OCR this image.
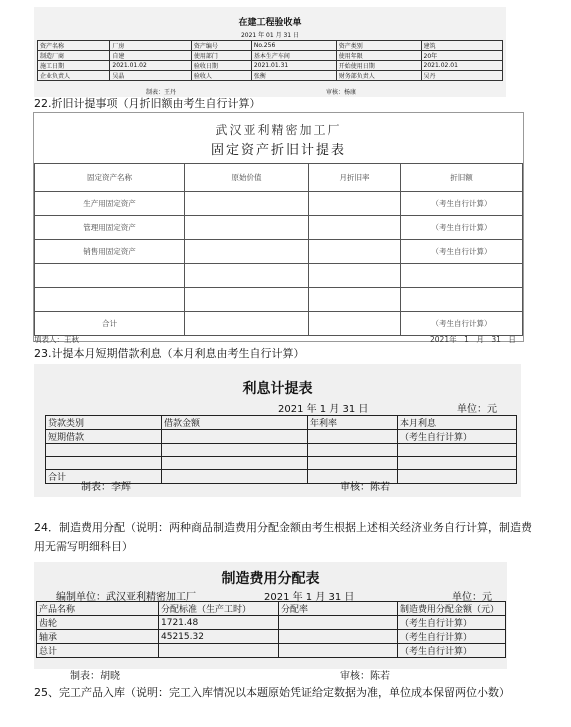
在建工程验收单
2021 年 01 月 31 日
资产名称	厂房	资产编号	No.256	资产类别	建筑
制造厂商	自建	使用部门	基本生产车间	使用年限	20年
施工日期	2021.01.02	验收日期	2021.01.31	开始使用日期	2021.02.01
企业负责人	吴晶	验收人	张衡	财务部负责人	吴丹
制表：王丹	审核：杨康
22.折旧计提事项（月折旧额由考生自行计算）
武汉亚利精密加工厂
固定资产折旧计提表
固定资产名称	原始价值	月折旧率	折旧额
生产用固定资产			（考生自行计算）
管理用固定资产			（考生自行计算）
销售用固定资产			（考生自行计算）

合计			（考生自行计算）
填表人：王秋	2021年　1　月　31　日
23.计提本月短期借款利息（本月利息由考生自行计算）
利息计提表
2021 年 1 月 31 日	单位：元
贷款类别	借款金额	年利率	本月利息
短期借款			（考生自行计算）

合计			
制表：李辉	审核：陈若
24．制造费用分配（说明：两种商品制造费用分配金额由考生根据上述相关经济业务自行计算，制造费用无需写明细科目）
制造费用分配表
编制单位：武汉亚利精密加工厂	2021 年 1 月 31 日	单位：元
产品名称	分配标准（生产工时）	分配率	制造费用分配金额（元）
齿轮	1721.48		（考生自行计算）
轴承	45215.32		（考生自行计算）
总计			（考生自行计算）
制表：胡晓	审核：陈若
25、完工产品入库（说明：完工入库情况以本题原始凭证给定数据为准，单位成本保留两位小数）
